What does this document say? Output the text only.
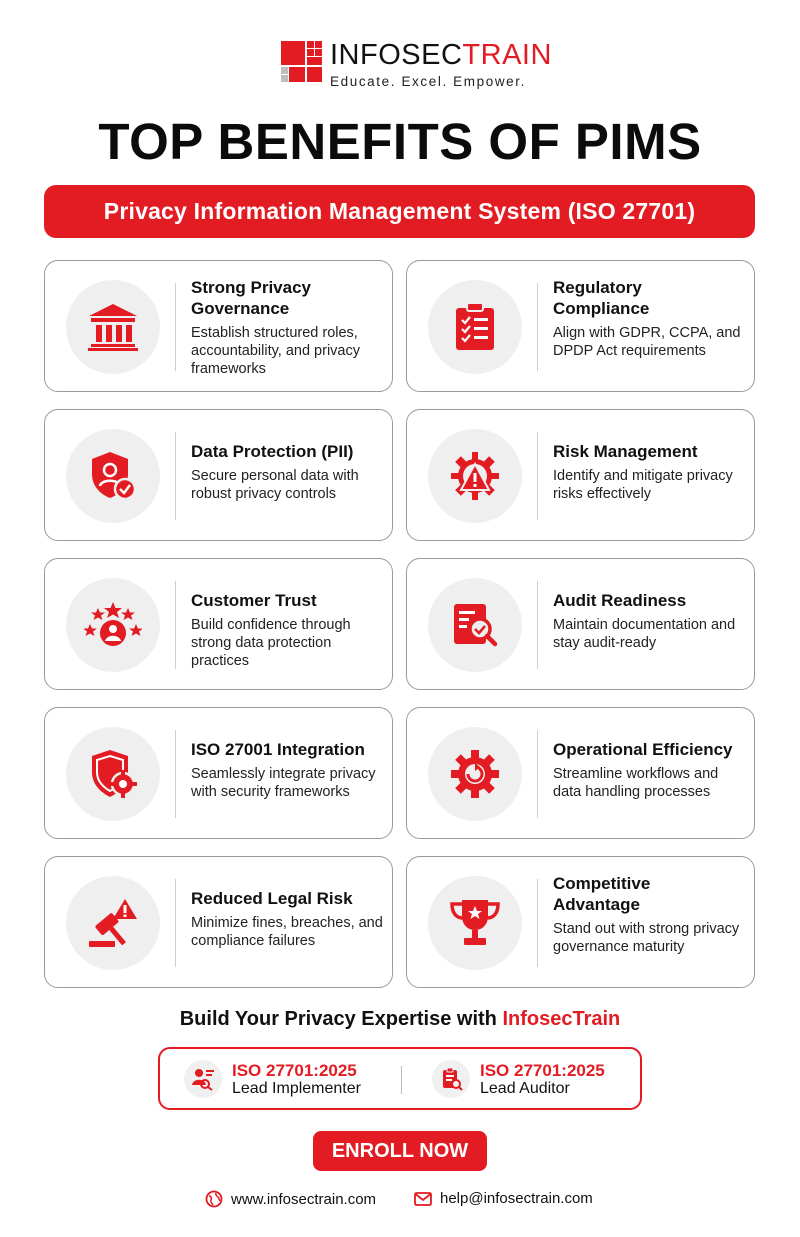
INFOSECTRAIN
Educate. Excel. Empower.
TOP BENEFITS OF PIMS
Privacy Information Management System (ISO 27701)
Strong Privacy
Governance
Establish structured roles, accountability, and privacy frameworks
Regulatory
Compliance
Align with GDPR, CCPA, and DPDP Act requirements
Data Protection (PII)
Secure personal data with robust privacy controls
Risk Management
Identify and mitigate privacy risks effectively
Customer Trust
Build confidence through strong data protection practices
Audit Readiness
Maintain documentation and stay audit-ready
ISO 27001 Integration
Seamlessly integrate privacy with security frameworks
Operational Efficiency
Streamline workflows and data handling processes
Reduced Legal Risk
Minimize fines, breaches, and compliance failures
Competitive
Advantage
Stand out with strong privacy governance maturity
Build Your Privacy Expertise with InfosecTrain
ISO 27701:2025
Lead Implementer
ISO 27701:2025
Lead Auditor
ENROLL NOW
www.infosectrain.com	help@infosectrain.com
